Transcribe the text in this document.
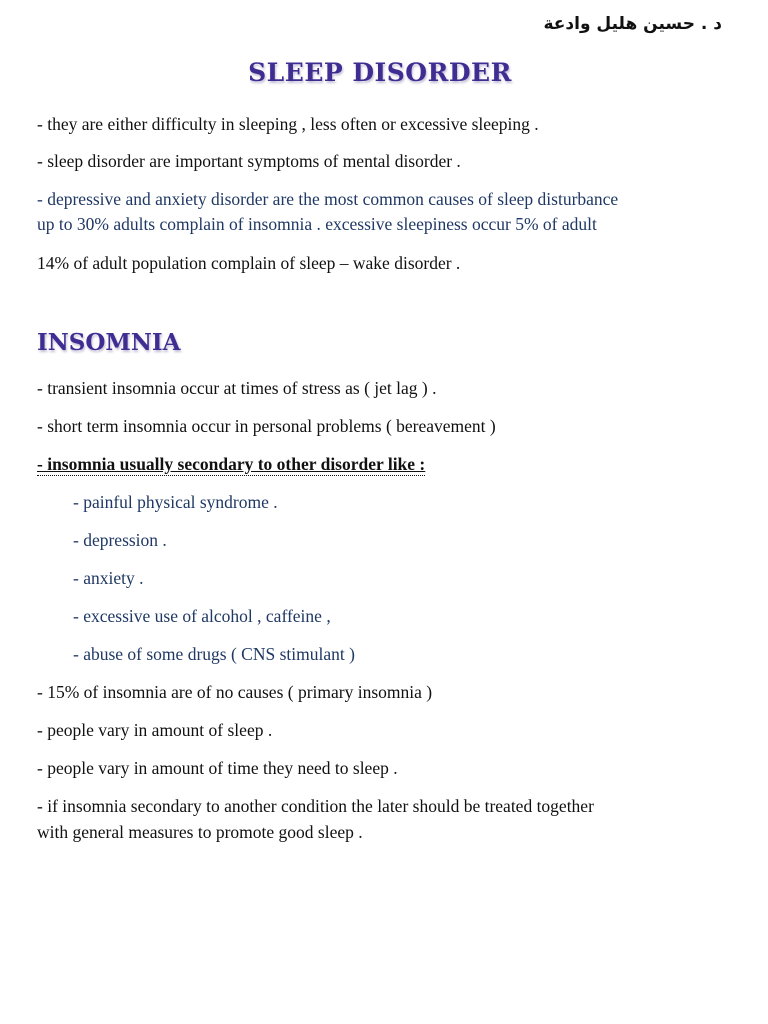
د . حسين هليل وادعة
SLEEP DISORDER
- they are either difficulty in sleeping , less often or excessive sleeping .
- sleep disorder are important symptoms of mental disorder .
- depressive and anxiety disorder are the most common causes of sleep disturbance
up to 30% adults complain of insomnia . excessive sleepiness occur 5% of adult
14% of adult population complain of sleep – wake disorder .
INSOMNIA
- transient insomnia occur at times of stress as ( jet lag ) .
- short term insomnia occur in personal problems ( bereavement )
- insomnia usually secondary to other disorder like :
- painful physical syndrome .
- depression .
- anxiety .
- excessive use of alcohol , caffeine ,
- abuse of some drugs ( CNS stimulant )
- 15% of insomnia are of no causes ( primary insomnia )
- people vary in amount of sleep .
- people vary in amount of time they need to sleep .
- if insomnia secondary to another condition the later should be treated together
with general measures to promote good sleep .
